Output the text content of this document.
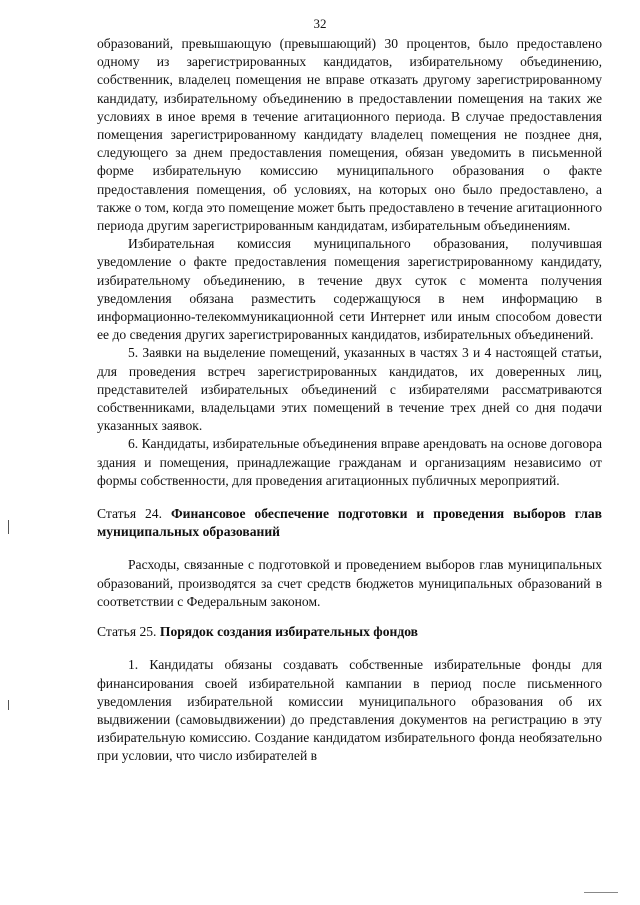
32

образований, превышающую (превышающий) 30 процентов, было предоставлено одному из зарегистрированных кандидатов, избирательному объединению, собственник, владелец помещения не вправе отказать другому зарегистрированному кандидату, избирательному объединению в предоставлении помещения на таких же условиях в иное время в течение агитационного периода. В случае предоставления помещения зарегистрированному кандидату владелец помещения не позднее дня, следующего за днем предоставления помещения, обязан уведомить в письменной форме избирательную комиссию муниципального образования о факте предоставления помещения, об условиях, на которых оно было предоставлено, а также о том, когда это помещение может быть предоставлено в течение агитационного периода другим зарегистрированным кандидатам, избирательным объединениям.

Избирательная комиссия муниципального образования, получившая уведомление о факте предоставления помещения зарегистрированному кандидату, избирательному объединению, в течение двух суток с момента получения уведомления обязана разместить содержащуюся в нем информацию в информационно-телекоммуникационной сети Интернет или иным способом довести ее до сведения других зарегистрированных кандидатов, избирательных объединений.

5. Заявки на выделение помещений, указанных в частях 3 и 4 настоящей статьи, для проведения встреч зарегистрированных кандидатов, их доверенных лиц, представителей избирательных объединений с избирателями рассматриваются собственниками, владельцами этих помещений в течение трех дней со дня подачи указанных заявок.

6. Кандидаты, избирательные объединения вправе арендовать на основе договора здания и помещения, принадлежащие гражданам и организациям независимо от формы собственности, для проведения агитационных публичных мероприятий.

Статья 24. Финансовое обеспечение подготовки и проведения выборов глав муниципальных образований

Расходы, связанные с подготовкой и проведением выборов глав муниципальных образований, производятся за счет средств бюджетов муниципальных образований в соответствии с Федеральным законом.

Статья 25. Порядок создания избирательных фондов

1. Кандидаты обязаны создавать собственные избирательные фонды для финансирования своей избирательной кампании в период после письменного уведомления избирательной комиссии муниципального образования об их выдвижении (самовыдвижении) до представления документов на регистрацию в эту избирательную комиссию. Создание кандидатом избирательного фонда необязательно при условии, что число избирателей в
